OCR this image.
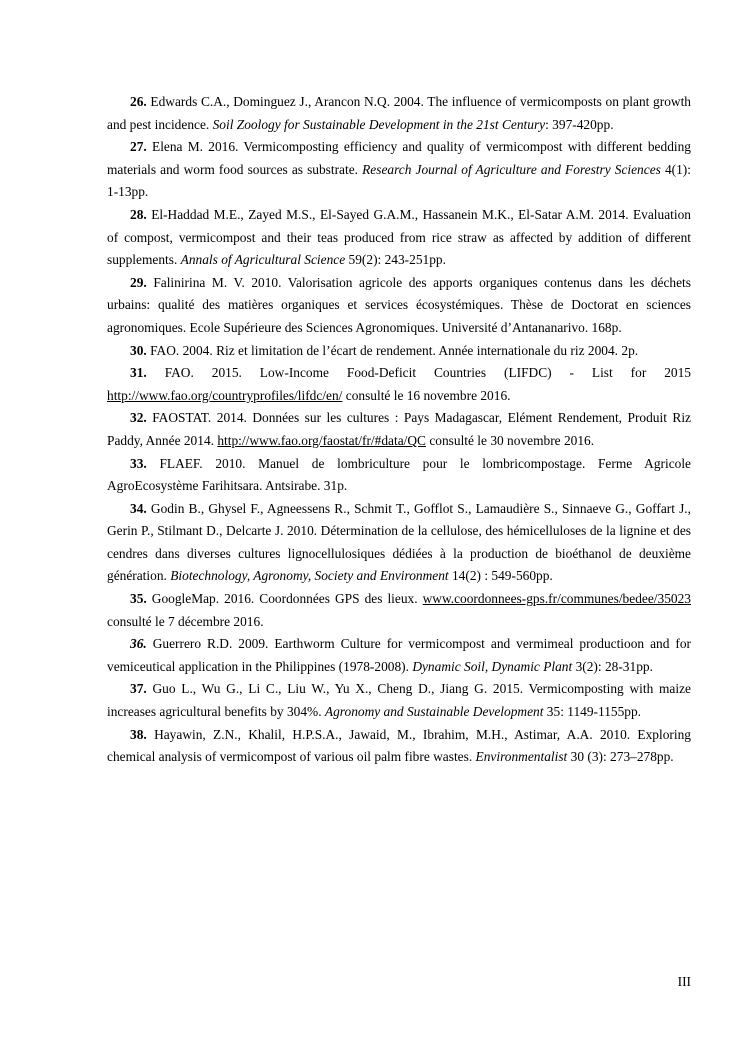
26. Edwards C.A., Dominguez J., Arancon N.Q. 2004. The influence of vermicomposts on plant growth and pest incidence. Soil Zoology for Sustainable Development in the 21st Century: 397-420pp.

27. Elena M. 2016. Vermicomposting efficiency and quality of vermicompost with different bedding materials and worm food sources as substrate. Research Journal of Agriculture and Forestry Sciences 4(1): 1-13pp.

28. El-Haddad M.E., Zayed M.S., El-Sayed G.A.M., Hassanein M.K., El-Satar A.M. 2014. Evaluation of compost, vermicompost and their teas produced from rice straw as affected by addition of different supplements. Annals of Agricultural Science 59(2): 243-251pp.

29. Falinirina M. V. 2010. Valorisation agricole des apports organiques contenus dans les déchets urbains: qualité des matières organiques et services écosystémiques. Thèse de Doctorat en sciences agronomiques. Ecole Supérieure des Sciences Agronomiques. Université d’Antananarivo. 168p.

30. FAO. 2004. Riz et limitation de l’écart de rendement. Année internationale du riz 2004. 2p.

31. FAO. 2015. Low-Income Food-Deficit Countries (LIFDC) - List for 2015 http://www.fao.org/countryprofiles/lifdc/en/ consulté le 16 novembre 2016.

32. FAOSTAT. 2014. Données sur les cultures : Pays Madagascar, Elément Rendement, Produit Riz Paddy, Année 2014. http://www.fao.org/faostat/fr/#data/QC consulté le 30 novembre 2016.

33. FLAEF. 2010. Manuel de lombriculture pour le lombricompostage. Ferme Agricole AgroEcosystème Farihitsara. Antsirabe. 31p.

34. Godin B., Ghysel F., Agneessens R., Schmit T., Gofflot S., Lamaudière S., Sinnaeve G., Goffart J., Gerin P., Stilmant D., Delcarte J. 2010. Détermination de la cellulose, des hémicelluloses de la lignine et des cendres dans diverses cultures lignocellulosiques dédiées à la production de bioéthanol de deuxième génération. Biotechnology, Agronomy, Society and Environment 14(2) : 549-560pp.

35. GoogleMap. 2016. Coordonnées GPS des lieux. www.coordonnees-gps.fr/communes/bedee/35023 consulté le 7 décembre 2016.

36. Guerrero R.D. 2009. Earthworm Culture for vermicompost and vermimeal productioon and for vemiceutical application in the Philippines (1978-2008). Dynamic Soil, Dynamic Plant 3(2): 28-31pp.

37. Guo L., Wu G., Li C., Liu W., Yu X., Cheng D., Jiang G. 2015. Vermicomposting with maize increases agricultural benefits by 304%. Agronomy and Sustainable Development 35: 1149-1155pp.

38. Hayawin, Z.N., Khalil, H.P.S.A., Jawaid, M., Ibrahim, M.H., Astimar, A.A. 2010. Exploring chemical analysis of vermicompost of various oil palm fibre wastes. Environmentalist 30 (3): 273–278pp.

III
